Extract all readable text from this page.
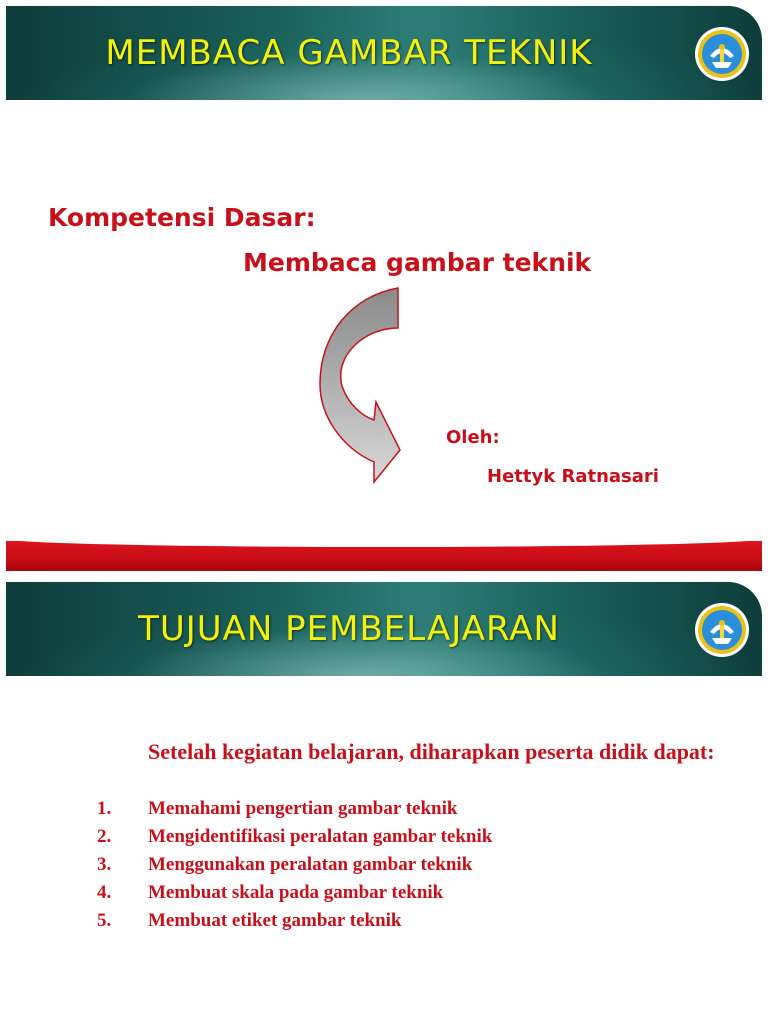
MEMBACA GAMBAR TEKNIK
Kompetensi Dasar:
Membaca gambar teknik
Oleh:
Hettyk Ratnasari
TUJUAN PEMBELAJARAN
Setelah kegiatan belajaran, diharapkan peserta didik dapat:
1. Memahami pengertian gambar teknik
2. Mengidentifikasi peralatan gambar teknik
3. Menggunakan peralatan gambar teknik
4. Membuat skala pada gambar teknik
5. Membuat etiket gambar teknik
